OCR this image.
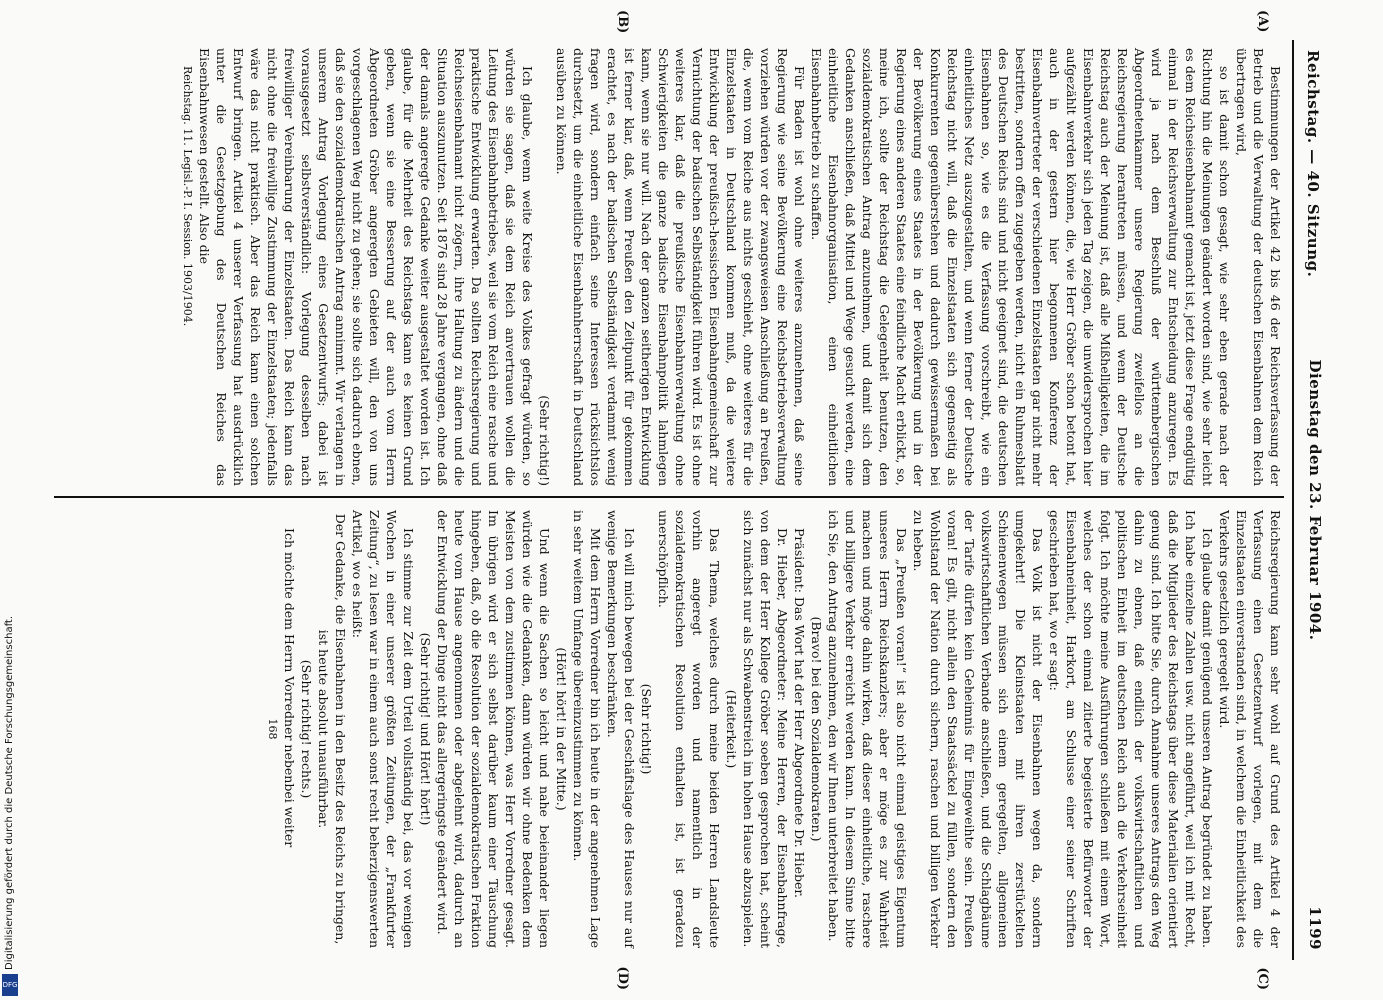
Reichstag. — 40. Sitzung.
Dienstag den 23. Februar 1904.
1199

Bestimmungen der Artikel 42 bis 46 der Reichsverfassung der Betrieb und die Verwaltung der deutschen Eisenbahnen dem Reich übertragen wird,

so ist damit schon gesagt, wie sehr eben gerade nach der Richtung hin die Meinungen geändert worden sind, wie sehr leicht es dem Reichseisenbahnamt gemacht ist, jetzt diese Frage endgültig einmal in der Reichsverwaltung zur Entscheidung anzuregen. Es wird ja nach dem Beschluß der württembergischen Abgeordnetenkammer unsere Regierung zweifellos an die Reichsregierung herantreten müssen, und wenn der Deutsche Reichstag auch der Meinung ist, daß alle Mißhelligkeiten, die im Eisenbahnverkehr sich jeden Tag zeigen, die unwidersprochen hier aufgezählt werden können, die, wie Herr Gröber schon betont hat, auch in der gestern hier begonnenen Konferenz der Eisenbahnvertreter der verschiedenen Einzelstaaten gar nicht mehr bestritten, sondern offen zugegeben werden, nicht ein Ruhmesblatt des Deutschen Reichs sind und nicht geeignet sind, die deutschen Eisenbahnen so, wie es die Verfassung vorschreibt, wie ein einheitliches Netz auszugestalten, und wenn ferner der Deutsche Reichstag nicht will, daß die Einzelstaaten sich gegenseitig als Konkurrenten gegenüberstehen und dadurch gewissermaßen bei der Bevölkerung eines Staates in der Bevölkerung und in der Regierung eines anderen Staates eine feindliche Macht erblickt, so, meine ich, sollte der Reichstag die Gelegenheit benutzen, den sozialdemokratischen Antrag anzunehmen, und damit sich dem Gedanken anschließen, daß Mittel und Wege gesucht werden, eine einheitliche Eisenbahnorganisation, einen einheitlichen Eisenbahnbetrieb zu schaffen.

Für Baden ist wohl ohne weiteres anzunehmen, daß seine Regierung wie seine Bevölkerung eine Reichsbetriebsverwaltung vorziehen würden vor der zwangsweisen Anschließung an Preußen, die, wenn vom Reiche aus nichts geschieht, ohne weiteres für die Einzelstaaten in Deutschland kommen muß, da die weitere Entwicklung der preußisch-hessischen Eisenbahngemeinschaft zur Vernichtung der badischen Selbständigkeit führen wird. Es ist ohne weiteres klar, daß die preußische Eisenbahnverwaltung ohne Schwierigkeiten die ganze badische Eisenbahnpolitik lahmlegen kann, wenn sie nur will. Nach der ganzen seitherigen Entwicklung ist ferner klar, daß, wenn Preußen den Zeitpunkt für gekommen erachtet, es nach der badischen Selbständigkeit verdammt wenig fragen wird, sondern einfach seine Interessen rücksichtslos durchsetzt, um die einheitliche Eisenbahnherrschaft in Deutschland ausüben zu können.

(Sehr richtig!)

Ich glaube, wenn weite Kreise des Volkes gefragt würden, so würden sie sagen, daß sie dem Reich anvertrauen wollen die Leitung des Eisenbahnbetriebes, weil sie vom Reich eine rasche und praktische Entwicklung erwarten. Da sollten Reichsregierung und Reichseisenbahnamt nicht zögern, ihre Haltung zu ändern und die Situation auszunutzen. Seit 1876 sind 28 Jahre vergangen, ohne daß der damals angeregte Gedanke weiter ausgestaltet worden ist. Ich glaube, für die Mehrheit des Reichstags kann es keinen Grund geben, wenn sie eine Besserung auf der auch vom Herrn Abgeordneten Gröber angeregten Gebieten will, den von uns vorgeschlagenen Weg nicht zu gehen; sie sollte sich dadurch ebnen, daß sie den sozialdemokratischen Antrag annimmt. Wir verlangen in unserem Antrag Vorlegung eines Gesetzentwurfs; dabei ist vorausgesetzt selbstverständlich: Vorlegung desselben nach freiwilliger Vereinbarung der Einzelstaaten. Das Reich kann das nicht ohne die freiwillige Zustimmung der Einzelstaaten; jedenfalls wäre das nicht praktisch. Aber das Reich kann einen solchen Entwurf bringen. Artikel 4 unserer Verfassung hat ausdrücklich unter die Gesetzgebung des Deutschen Reiches das Eisenbahnwesen gestellt. Also die

Reichstag. 11. Legisl.-P. I. Session. 1903/1904.

Reichsregierung kann sehr wohl auf Grund des Artikel 4 der Verfassung einen Gesetzentwurf vorlegen, mit dem die Einzelstaaten einverstanden sind, in welchem die Einheitlichkeit des Verkehrs gesetzlich geregelt wird.

Ich glaube damit genügend unseren Antrag begründet zu haben. Ich habe einzelne Zahlen usw. nicht angeführt, weil ich mit Recht, daß die Mitglieder des Reichstags über diese Materialien orientiert genug sind. Ich bitte Sie, durch Annahme unseres Antrags den Weg dahin zu ebnen, daß endlich der volkswirtschaftlichen und politischen Einheit im deutschen Reich auch die Verkehrseinheit folgt. Ich möchte meine Ausführungen schließen mit einem Wort, welches der schon einmal zitierte begeisterte Befürworter der Eisenbahneinheit, Harkort, am Schlusse einer seiner Schriften geschrieben hat, wo er sagt:

Das Volk ist nicht der Eisenbahnen wegen da, sondern umgekehrt! Die Kleinstaaten mit ihren zerstückelten Schienenwegen müssen sich einem geregelten, allgemeinen volkswirtschaftlichen Verbande anschließen, und die Schlagbäume der Tarife dürfen kein Geheimnis für Eingeweihte sein. Preußen voran! Es gilt, nicht allein den Staatssäckel zu füllen, sondern den Wohlstand der Nation durch sichern, raschen und billigen Verkehr zu heben.

Das „Preußen voran!“ ist also nicht einmal geistiges Eigentum unseres Herrn Reichskanzlers; aber er möge es zur Wahrheit machen und möge dahin wirken, daß dieser einheitliche, raschere und billigere Verkehr erreicht werden kann. In diesem Sinne bitte ich Sie, den Antrag anzunehmen, den wir Ihnen unterbreitet haben.

(Bravo! bei den Sozialdemokraten.)

Präsident: Das Wort hat der Herr Abgeordnete Dr. Hieber.

Dr. Hieber, Abgeordneter: Meine Herren, der Eisenbahnfrage, von dem der Herr Kollege Gröber soeben gesprochen hat, scheint sich zunächst nur als Schwabenstreich im hohen Hause abzuspielen.

(Heiterkeit.)

Das Thema, welches durch meine beiden Herren Landsleute vorhin angeregt worden und namentlich in der sozialdemokratischen Resolution enthalten ist, ist geradezu unerschöpflich.

(Sehr richtig!)

Ich will mich bewegen bei der Geschäftslage des Hauses nur auf wenige Bemerkungen beschränken.

Mit dem Herrn Vorredner bin ich heute in der angenehmen Lage in sehr weitem Umfange übereinzustimmen zu können.

(Hört! hört! in der Mitte.)

Und wenn die Sachen so leicht und nahe beieinander liegen würden wie die Gedanken, dann würden wir ohne Bedenken dem Meisten von dem zustimmen können, was Herr Vorredner gesagt. Im übrigen wird er sich selbst darüber kaum einer Täuschung hingeben, daß, ob die Resolution der sozialdemokratischen Fraktion heute vom Hause angenommen oder abgelehnt wird, dadurch an der Entwicklung der Dinge nicht das allergeringste geändert wird.

(Sehr richtig! und Hört! hört!)

Ich stimme zur Zeit dem Urteil vollständig bei, das vor wenigen Wochen in einer unserer größten Zeitungen, der „Frankfurter Zeitung“, zu lesen war in einem auch sonst recht beherzigenswerten Artikel, wo es heißt:

Der Gedanke, die Eisenbahnen in den Besitz des Reichs zu bringen, ist heute absolut unausführbar.

(Sehr richtig! rechts.)

Ich möchte dem Herrn Vorredner nebenbei weiter

168

(A)
(B)
(C)
(D)
Digitalisierung gefördert durch die Deutsche Forschungsgemeinschaft.
DFG
